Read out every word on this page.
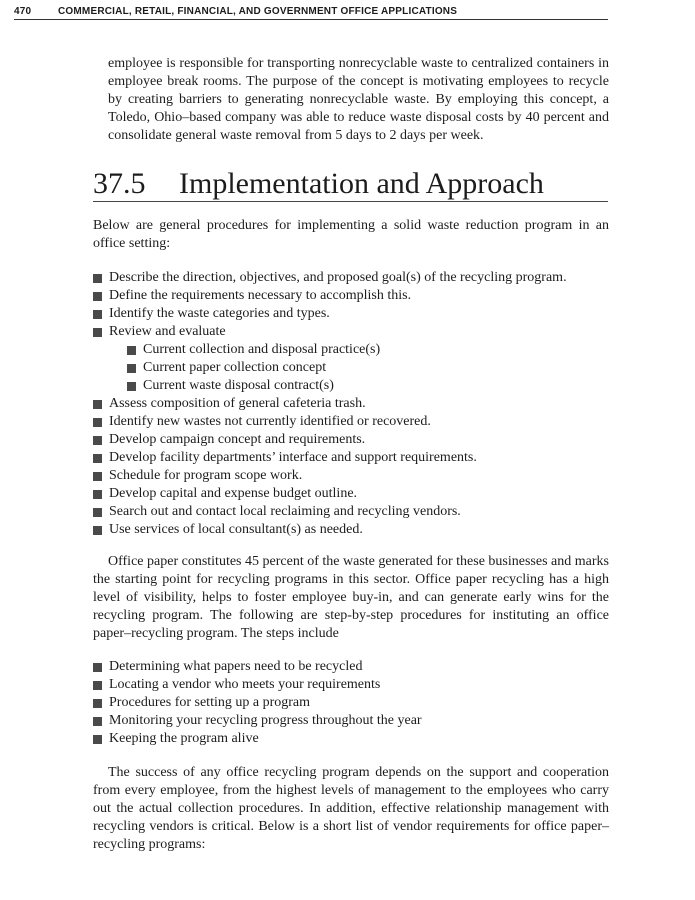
470	COMMERCIAL, RETAIL, FINANCIAL, AND GOVERNMENT OFFICE APPLICATIONS

employee is responsible for transporting nonrecyclable waste to centralized containers in employee break rooms. The purpose of the concept is motivating employees to recycle by creating barriers to generating nonrecyclable waste. By employing this concept, a Toledo, Ohio–based company was able to reduce waste disposal costs by 40 percent and consolidate general waste removal from 5 days to 2 days per week.

37.5 Implementation and Approach

Below are general procedures for implementing a solid waste reduction program in an office setting:

Describe the direction, objectives, and proposed goal(s) of the recycling program.
Define the requirements necessary to accomplish this.
Identify the waste categories and types.
Review and evaluate
Current collection and disposal practice(s)
Current paper collection concept
Current waste disposal contract(s)
Assess composition of general cafeteria trash.
Identify new wastes not currently identified or recovered.
Develop campaign concept and requirements.
Develop facility departments’ interface and support requirements.
Schedule for program scope work.
Develop capital and expense budget outline.
Search out and contact local reclaiming and recycling vendors.
Use services of local consultant(s) as needed.

Office paper constitutes 45 percent of the waste generated for these businesses and marks the starting point for recycling programs in this sector. Office paper recycling has a high level of visibility, helps to foster employee buy-in, and can generate early wins for the recycling program. The following are step-by-step procedures for instituting an office paper–recycling program. The steps include

Determining what papers need to be recycled
Locating a vendor who meets your requirements
Procedures for setting up a program
Monitoring your recycling progress throughout the year
Keeping the program alive

The success of any office recycling program depends on the support and cooperation from every employee, from the highest levels of management to the employees who carry out the actual collection procedures. In addition, effective relationship management with recycling vendors is critical. Below is a short list of vendor requirements for office paper–recycling programs:
